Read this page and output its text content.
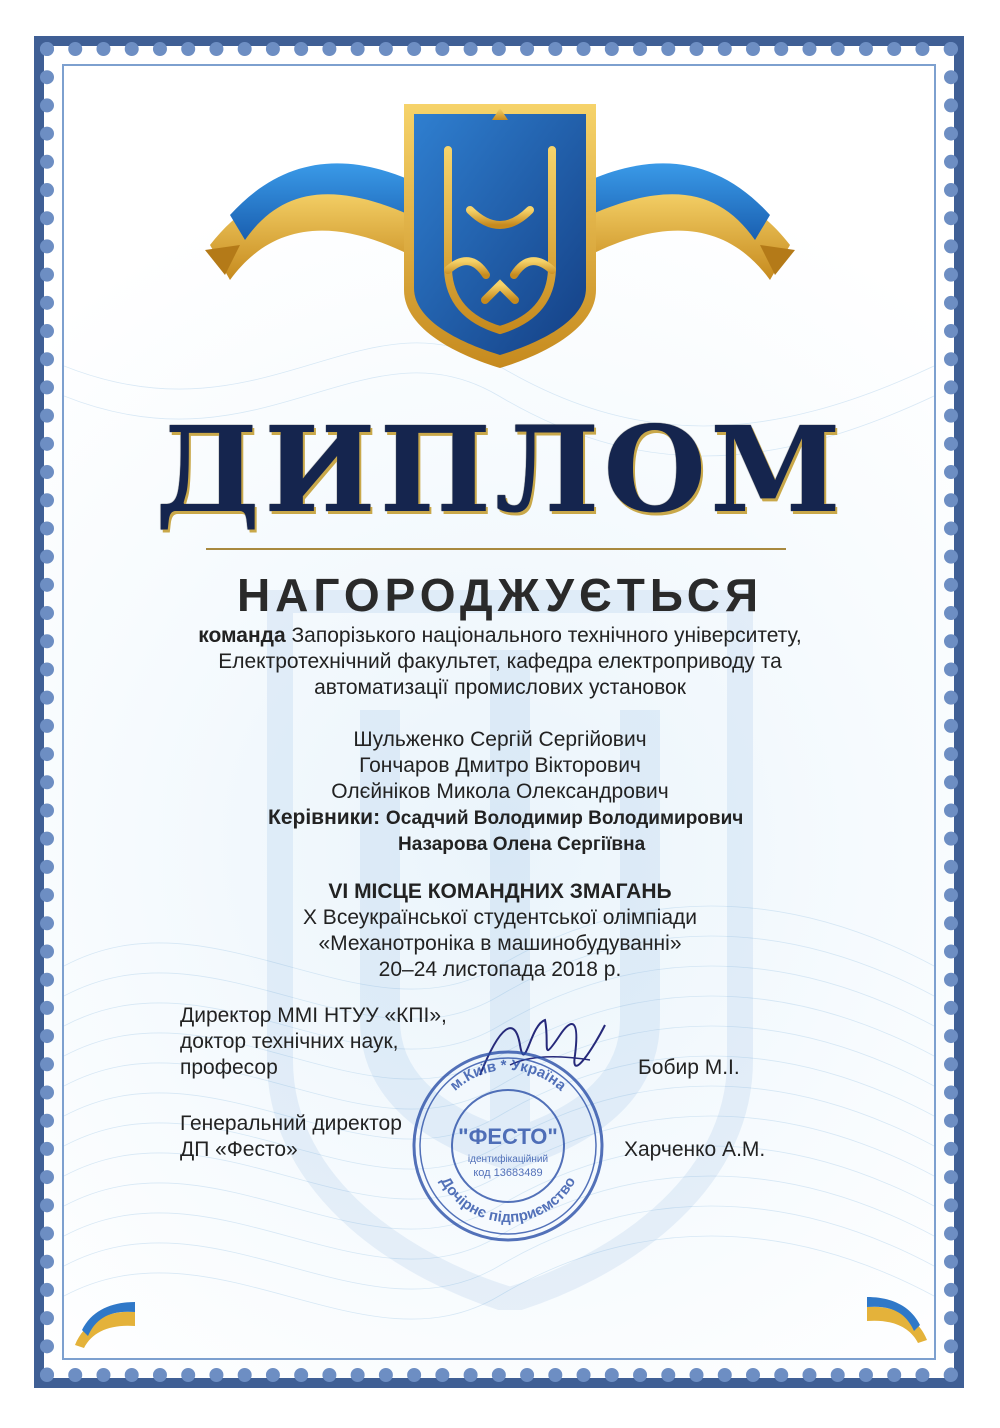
ДИПЛОМ
НАГОРОДЖУЄТЬСЯ
команда Запорізького національного технічного університету,
Електротехнічний факультет, кафедра електроприводу та
автоматизації промислових установок
Шульженко Сергій Сергійович
Гончаров Дмитро Вікторович
Олєйніков Микола Олександрович
Керівники: Осадчий Володимир Володимирович
Назарова Олена Сергіївна
VI МІСЦЕ КОМАНДНИХ ЗМАГАНЬ
Х Всеукраїнської студентської олімпіади
«Механотроніка в машинобудуванні»
20–24 листопада 2018 р.
Директор ММІ НТУУ «КПІ»,
доктор технічних наук,
професор	Бобир М.І.
Генеральний директор
ДП «Фесто»	Харченко А.М.
м.Київ * Україна
Дочірнє підприємство
"ФЕСТО"
ідентифікаційний
код 13683489
